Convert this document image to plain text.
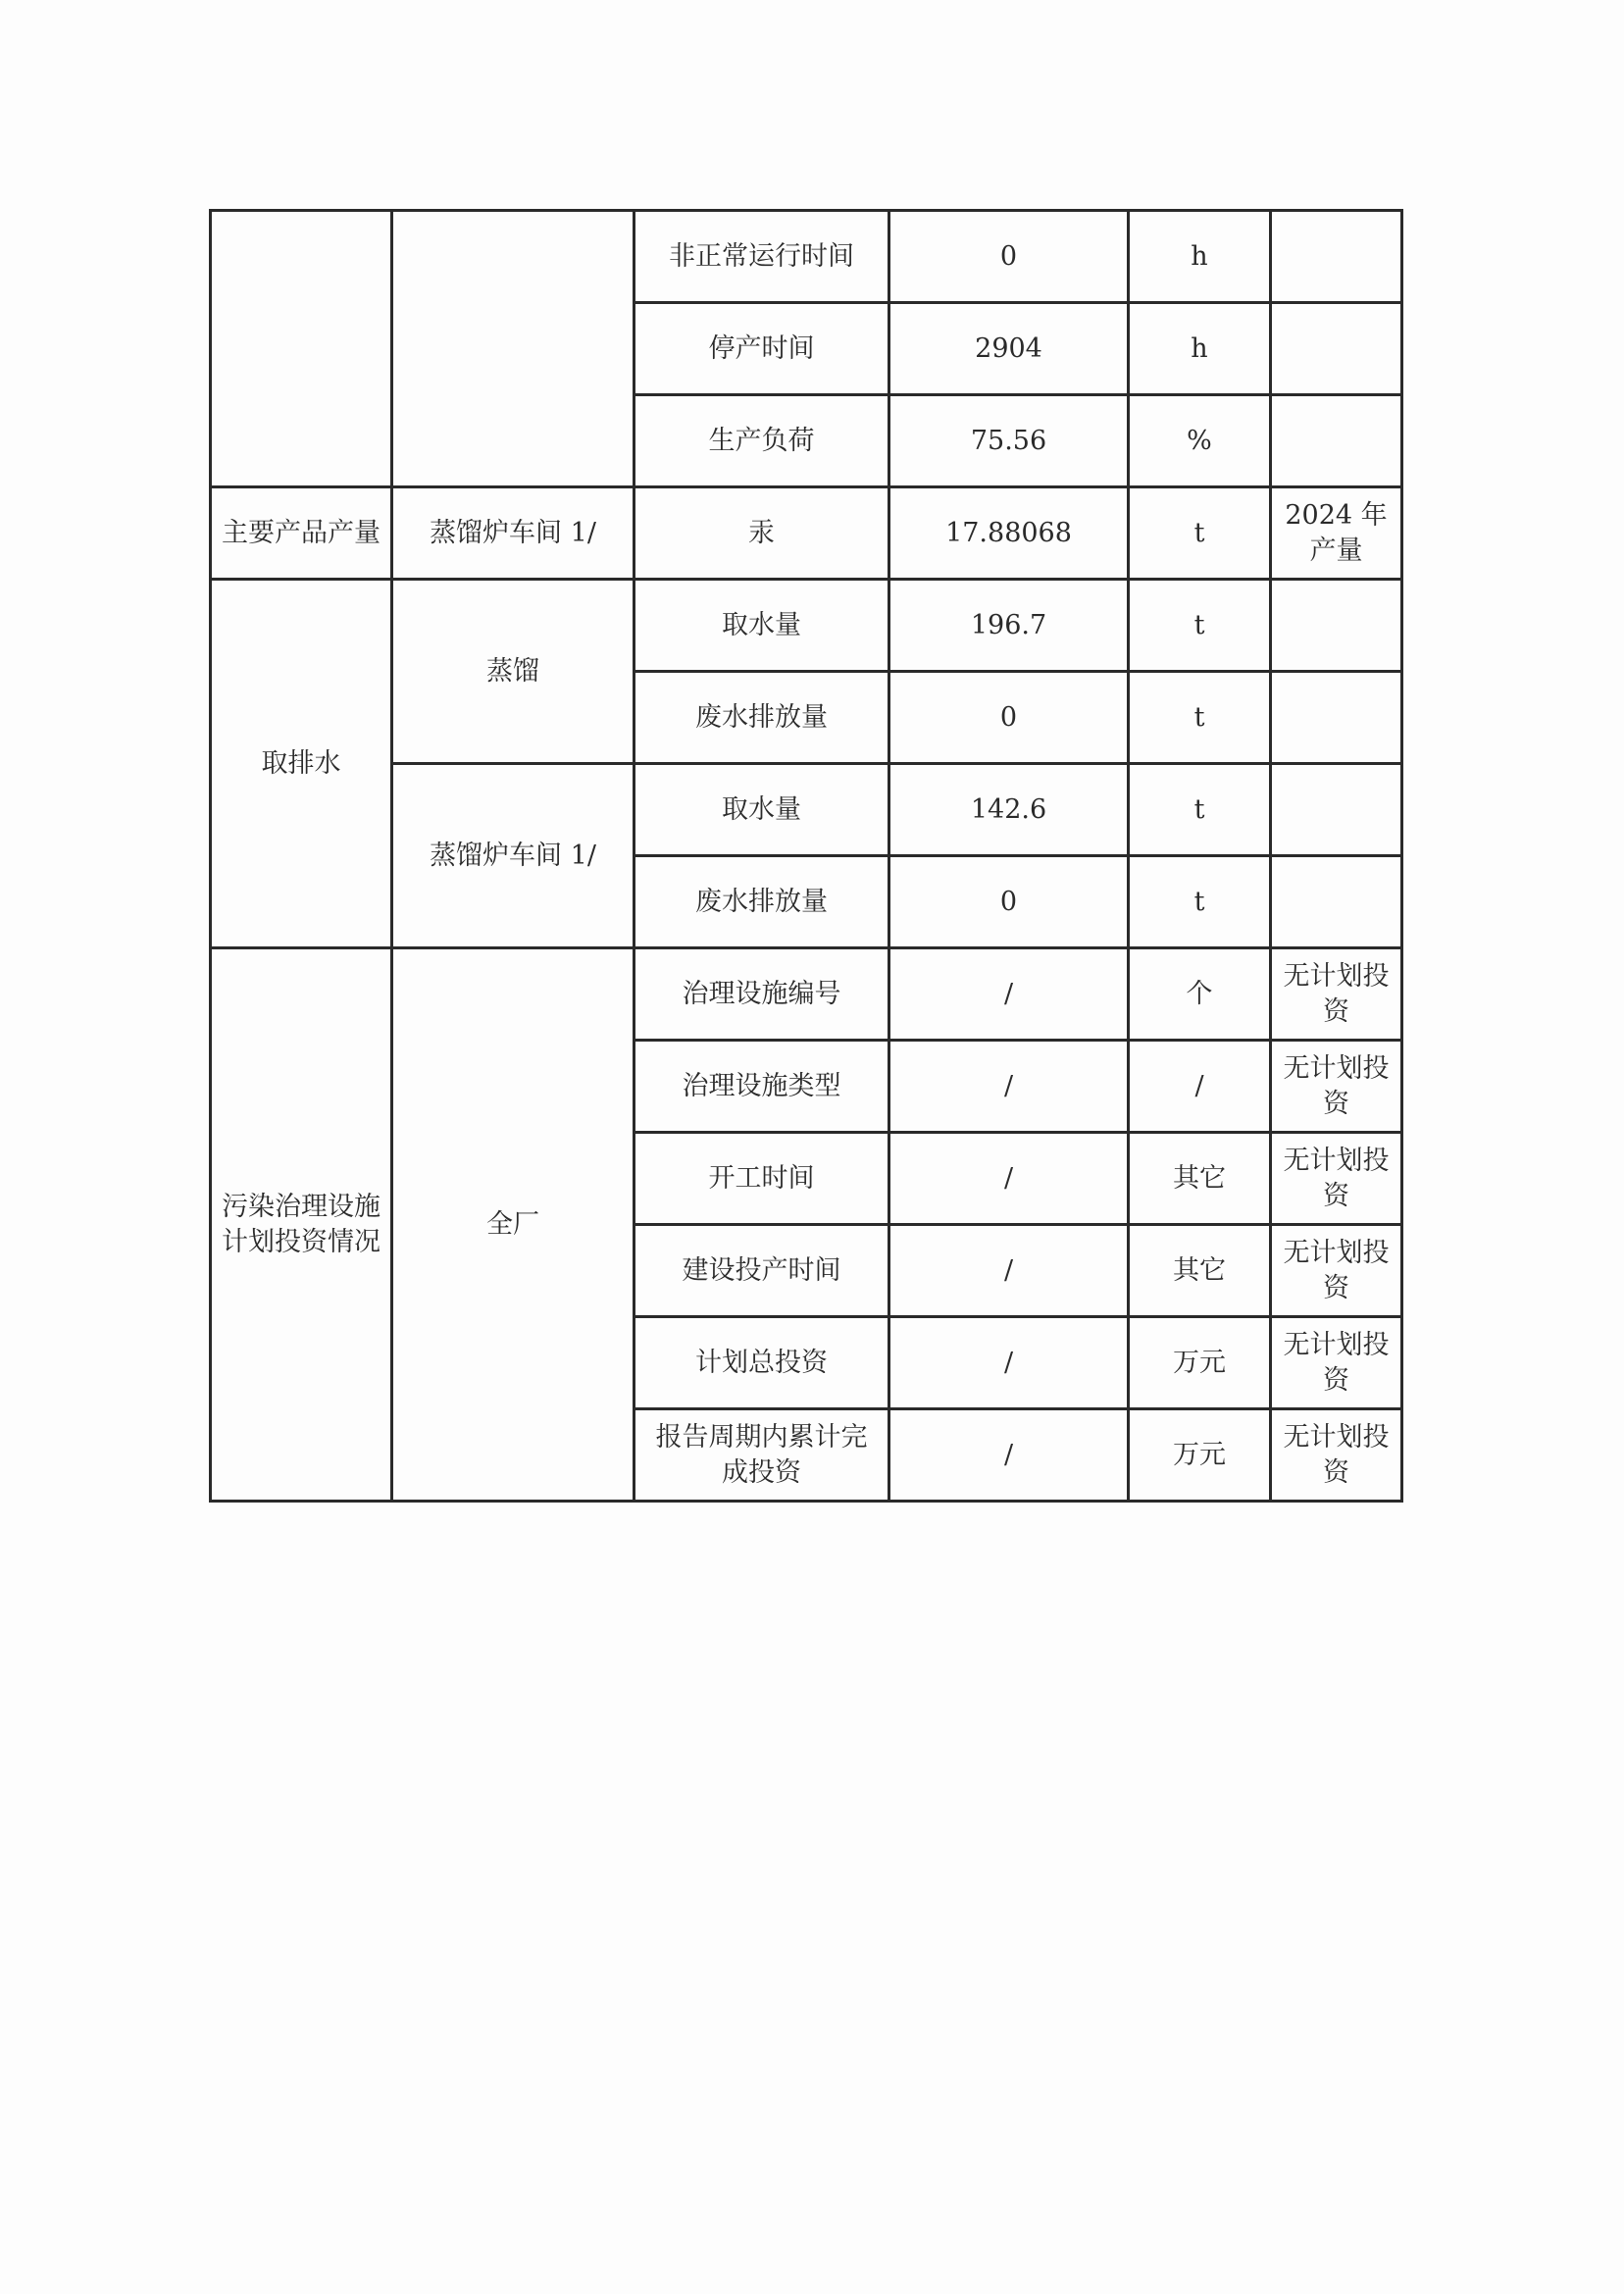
		非正常运行时间	0	h	
		停产时间	2904	h	
		生产负荷	75.56	%	
主要产品产量	蒸馏炉车间 1/	汞	17.88068	t	2024 年产量
取排水	蒸馏	取水量	196.7	t	
		废水排放量	0	t	
	蒸馏炉车间 1/	取水量	142.6	t	
		废水排放量	0	t	
污染治理设施计划投资情况	全厂	治理设施编号	/	个	无计划投资
		治理设施类型	/	/	无计划投资
		开工时间	/	其它	无计划投资
		建设投产时间	/	其它	无计划投资
		计划总投资	/	万元	无计划投资
		报告周期内累计完成投资	/	万元	无计划投资
